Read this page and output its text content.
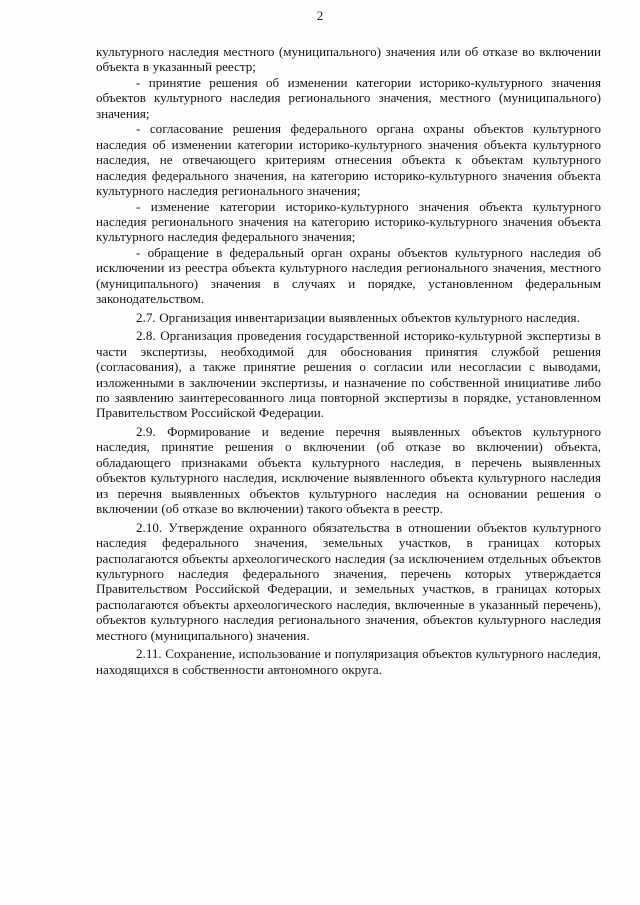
2

культурного наследия местного (муниципального) значения или об отказе во включении объекта в указанный реестр;

- принятие решения об изменении категории историко-культурного значения объектов культурного наследия регионального значения, местного (муниципального) значения;

- согласование решения федерального органа охраны объектов культурного наследия об изменении категории историко-культурного значения объекта культурного наследия, не отвечающего критериям отнесения объекта к объектам культурного наследия федерального значения, на категорию историко-культурного значения объекта культурного наследия регионального значения;

- изменение категории историко-культурного значения объекта культурного наследия регионального значения на категорию историко-культурного значения объекта культурного наследия федерального значения;

- обращение в федеральный орган охраны объектов культурного наследия об исключении из реестра объекта культурного наследия регионального значения, местного (муниципального) значения в случаях и порядке, установленном федеральным законодательством.

2.7. Организация инвентаризации выявленных объектов культурного наследия.

2.8. Организация проведения государственной историко-культурной экспертизы в части экспертизы, необходимой для обоснования принятия службой решения (согласования), а также принятие решения о согласии или несогласии с выводами, изложенными в заключении экспертизы, и назначение по собственной инициативе либо по заявлению заинтересованного лица повторной экспертизы в порядке, установленном Правительством Российской Федерации.

2.9. Формирование и ведение перечня выявленных объектов культурного наследия, принятие решения о включении (об отказе во включении) объекта, обладающего признаками объекта культурного наследия, в перечень выявленных объектов культурного наследия, исключение выявленного объекта культурного наследия из перечня выявленных объектов культурного наследия на основании решения о включении (об отказе во включении) такого объекта в реестр.

2.10. Утверждение охранного обязательства в отношении объектов культурного наследия федерального значения, земельных участков, в границах которых располагаются объекты археологического наследия (за исключением отдельных объектов культурного наследия федерального значения, перечень которых утверждается Правительством Российской Федерации, и земельных участков, в границах которых располагаются объекты археологического наследия, включенные в указанный перечень), объектов культурного наследия регионального значения, объектов культурного наследия местного (муниципального) значения.

2.11. Сохранение, использование и популяризация объектов культурного наследия, находящихся в собственности автономного округа.
